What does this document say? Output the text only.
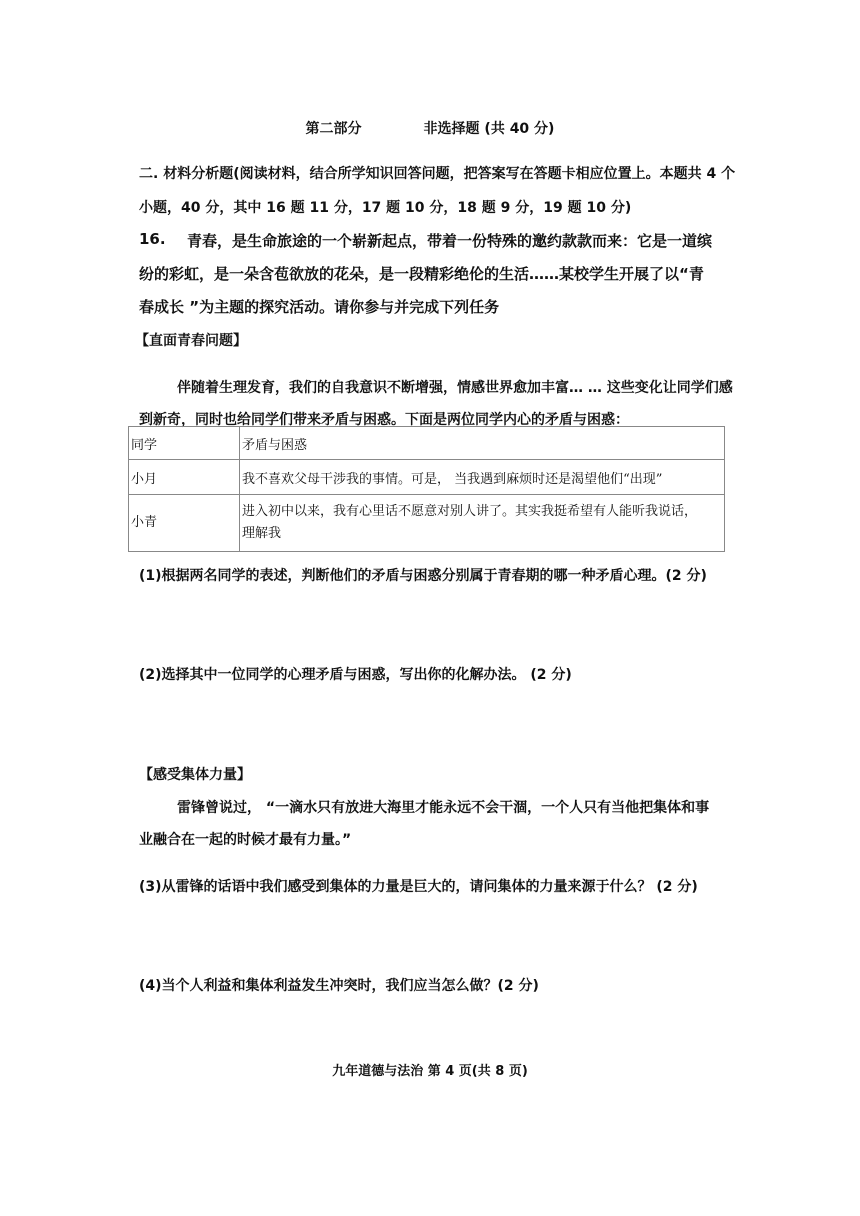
第二部分	非选择题 (共 40 分)
二. 材料分析题(阅读材料，结合所学知识回答问题，把答案写在答题卡相应位置上。本题共 4 个
小题，40 分，其中 16 题 11 分，17 题 10 分，18 题 9 分，19 题 10 分)
16. 青春，是生命旅途的一个崭新起点，带着一份特殊的邀约款款而来：它是一道缤
纷的彩虹，是一朵含苞欲放的花朵，是一段精彩绝伦的生活……某校学生开展了以“青
春成长 ”为主题的探究活动。请你参与并完成下列任务
【直面青春问题】
伴随着生理发育，我们的自我意识不断增强，情感世界愈加丰富… … 这些变化让同学们感
到新奇，同时也给同学们带来矛盾与困惑。下面是两位同学内心的矛盾与困惑：
同学	矛盾与困惑
小月	我不喜欢父母干涉我的事情。可是， 当我遇到麻烦时还是渴望他们“出现”
小青	进入初中以来，我有心里话不愿意对别人讲了。其实我挺希望有人能听我说话，
理解我
(1)根据两名同学的表述，判断他们的矛盾与困惑分别属于青春期的哪一种矛盾心理。(2 分)
(2)选择其中一位同学的心理矛盾与困惑，写出你的化解办法。 (2 分)
【感受集体力量】
雷锋曾说过， “一滴水只有放进大海里才能永远不会干涸，一个人只有当他把集体和事
业融合在一起的时候才最有力量。”
(3)从雷锋的话语中我们感受到集体的力量是巨大的，请问集体的力量来源于什么？ (2 分)
(4)当个人利益和集体利益发生冲突时，我们应当怎么做？(2 分)
九年道德与法治 第 4 页(共 8 页)
